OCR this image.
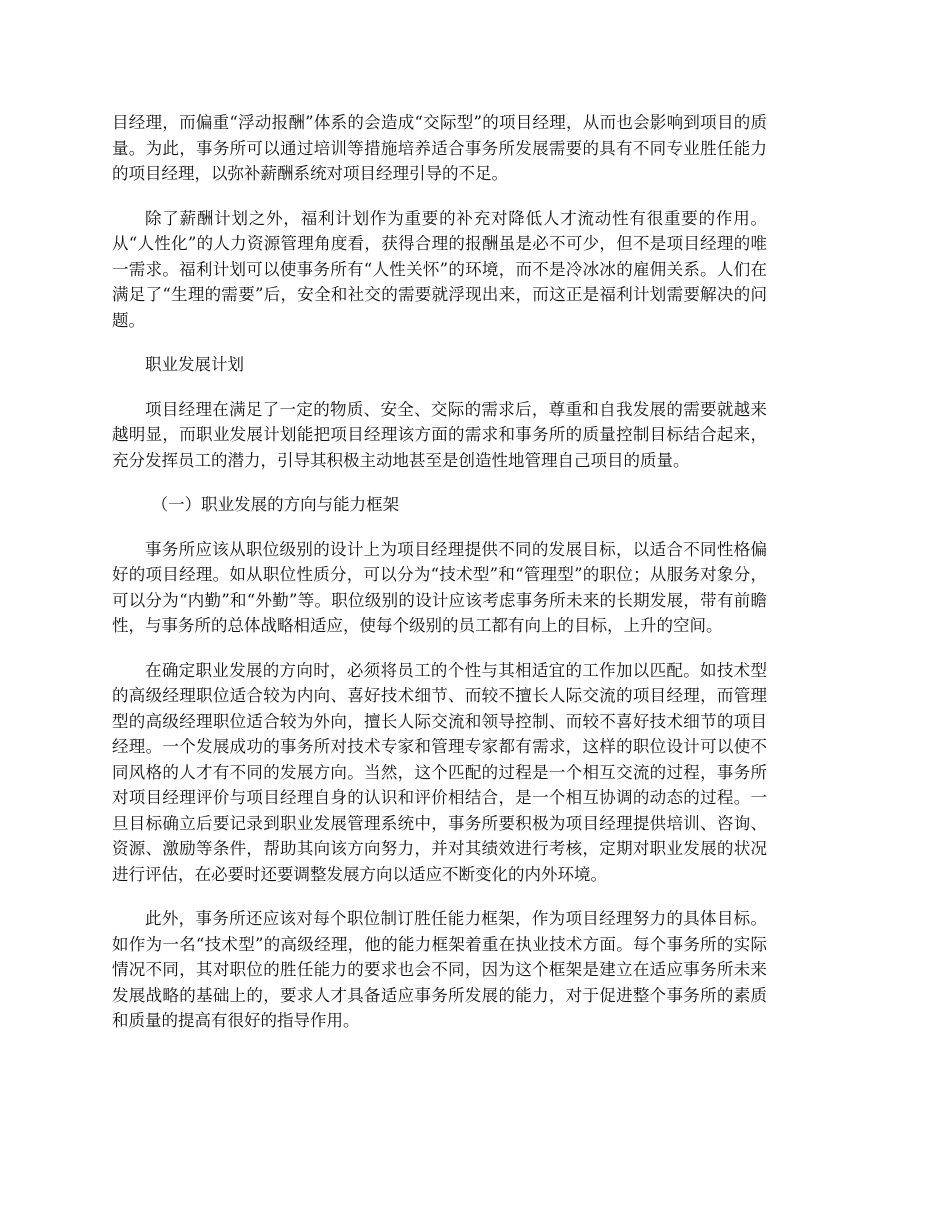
目经理，而偏重“浮动报酬”体系的会造成“交际型”的项目经理，从而也会影响到项目的质量。为此，事务所可以通过培训等措施培养适合事务所发展需要的具有不同专业胜任能力的项目经理，以弥补薪酬系统对项目经理引导的不足。

除了薪酬计划之外，福利计划作为重要的补充对降低人才流动性有很重要的作用。从“人性化”的人力资源管理角度看，获得合理的报酬虽是必不可少，但不是项目经理的唯一需求。福利计划可以使事务所有“人性关怀”的环境，而不是冷冰冰的雇佣关系。人们在满足了“生理的需要”后，安全和社交的需要就浮现出来，而这正是福利计划需要解决的问题。

职业发展计划

项目经理在满足了一定的物质、安全、交际的需求后，尊重和自我发展的需要就越来越明显，而职业发展计划能把项目经理该方面的需求和事务所的质量控制目标结合起来，充分发挥员工的潜力，引导其积极主动地甚至是创造性地管理自己项目的质量。

（一）职业发展的方向与能力框架

事务所应该从职位级别的设计上为项目经理提供不同的发展目标，以适合不同性格偏好的项目经理。如从职位性质分，可以分为“技术型”和“管理型”的职位；从服务对象分，可以分为“内勤”和“外勤”等。职位级别的设计应该考虑事务所未来的长期发展，带有前瞻性，与事务所的总体战略相适应，使每个级别的员工都有向上的目标，上升的空间。

在确定职业发展的方向时，必须将员工的个性与其相适宜的工作加以匹配。如技术型的高级经理职位适合较为内向、喜好技术细节、而较不擅长人际交流的项目经理，而管理型的高级经理职位适合较为外向，擅长人际交流和领导控制、而较不喜好技术细节的项目经理。一个发展成功的事务所对技术专家和管理专家都有需求，这样的职位设计可以使不同风格的人才有不同的发展方向。当然，这个匹配的过程是一个相互交流的过程，事务所对项目经理评价与项目经理自身的认识和评价相结合，是一个相互协调的动态的过程。一旦目标确立后要记录到职业发展管理系统中，事务所要积极为项目经理提供培训、咨询、资源、激励等条件，帮助其向该方向努力，并对其绩效进行考核，定期对职业发展的状况进行评估，在必要时还要调整发展方向以适应不断变化的内外环境。

此外，事务所还应该对每个职位制订胜任能力框架，作为项目经理努力的具体目标。如作为一名“技术型”的高级经理，他的能力框架着重在执业技术方面。每个事务所的实际情况不同，其对职位的胜任能力的要求也会不同，因为这个框架是建立在适应事务所未来发展战略的基础上的，要求人才具备适应事务所发展的能力，对于促进整个事务所的素质和质量的提高有很好的指导作用。
